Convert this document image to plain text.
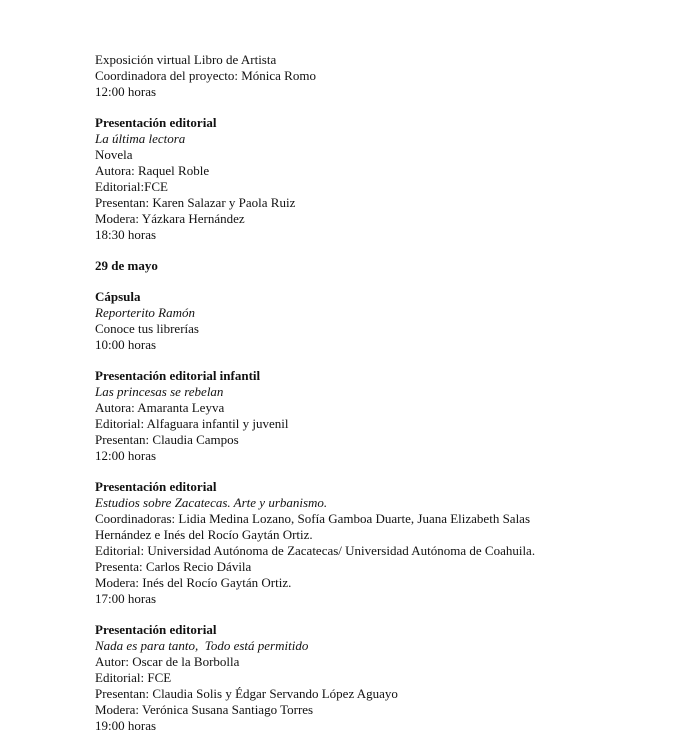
Exposición virtual Libro de Artista
Coordinadora del proyecto: Mónica Romo
12:00 horas
Presentación editorial
La última lectora
Novela
Autora: Raquel Roble
Editorial:FCE
Presentan: Karen Salazar y Paola Ruiz
Modera: Yázkara Hernández
18:30 horas
29 de mayo
Cápsula
Reporterito Ramón
Conoce tus librerías
10:00 horas
Presentación editorial infantil
Las princesas se rebelan
Autora: Amaranta Leyva
Editorial: Alfaguara infantil y juvenil
Presentan: Claudia Campos
12:00 horas
Presentación editorial
Estudios sobre Zacatecas. Arte y urbanismo.
Coordinadoras: Lidia Medina Lozano, Sofía Gamboa Duarte, Juana Elizabeth Salas
Hernández e Inés del Rocío Gaytán Ortiz.
Editorial: Universidad Autónoma de Zacatecas/ Universidad Autónoma de Coahuila.
Presenta: Carlos Recio Dávila
Modera: Inés del Rocío Gaytán Ortiz.
17:00 horas
Presentación editorial
Nada es para tanto,  Todo está permitido
Autor: Oscar de la Borbolla
Editorial: FCE
Presentan: Claudia Solis y Édgar Servando López Aguayo
Modera: Verónica Susana Santiago Torres
19:00 horas
